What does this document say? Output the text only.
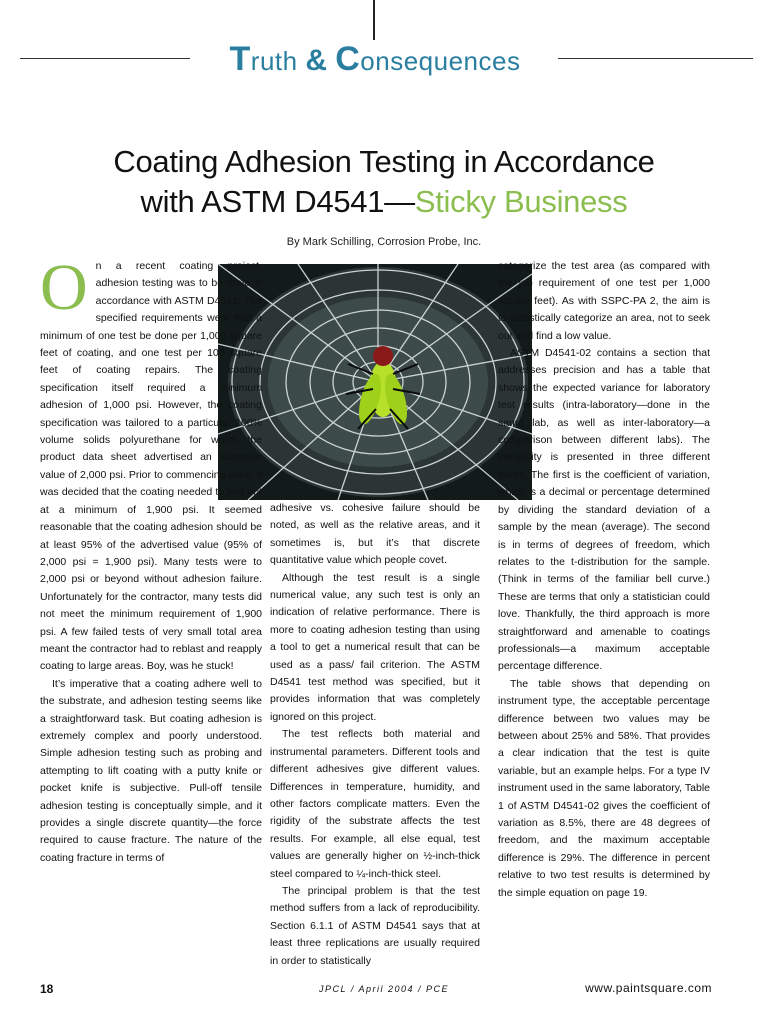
Truth & Consequences
Coating Adhesion Testing in Accordance
with ASTM D4541—Sticky Business
By Mark Schilling, Corrosion Probe, Inc.
O n a recent coating project, adhesion testing was to be done in accordance with ASTM D4541. The specified requirements were that a minimum of one test be done per 1,000 square feet of coating, and one test per 100 square feet of coating repairs. The coating specification itself required a minimum adhesion of 1,000 psi. However, the coating specification was tailored to a particular 100% volume solids polyurethane for which the product data sheet advertised an adhesion value of 2,000 psi. Prior to commencing work, it was decided that the coating needed to test out at a minimum of 1,900 psi. It seemed reasonable that the coating adhesion should be at least 95% of the advertised value (95% of 2,000 psi = 1,900 psi). Many tests were to 2,000 psi or beyond without adhesion failure. Unfortunately for the contractor, many tests did not meet the minimum requirement of 1,900 psi. A few failed tests of very small total area meant the contractor had to reblast and reapply coating to large areas. Boy, was he stuck!

It’s imperative that a coating adhere well to the substrate, and adhesion testing seems like a straightforward task. But coating adhesion is extremely complex and poorly understood. Simple adhesion testing such as probing and attempting to lift coating with a putty knife or pocket knife is subjective. Pull-off tensile adhesion testing is conceptually simple, and it provides a single discrete quantity—the force required to cause fracture. The nature of the coating fracture in terms of

adhesive vs. cohesive failure should be noted, as well as the relative areas, and it sometimes is, but it’s that discrete quantitative value which people covet.

Although the test result is a single numerical value, any such test is only an indication of relative performance. There is more to coating adhesion testing than using a tool to get a numerical result that can be used as a pass/ fail criterion. The ASTM D4541 test method was specified, but it provides information that was completely ignored on this project.

The test reflects both material and instrumental parameters. Different tools and different adhesives give different values. Differences in temperature, humidity, and other factors complicate matters. Even the rigidity of the substrate affects the test results. For example, all else equal, test values are generally higher on ½-inch-thick steel compared to ¼-inch-thick steel.

The principal problem is that the test method suffers from a lack of reproducibility. Section 6.1.1 of ASTM D4541 says that at least three replications are usually required in order to statistically

categorize the test area (as compared with the job requirement of one test per 1,000 square feet). As with SSPC-PA 2, the aim is to statistically categorize an area, not to seek out and find a low value.

ASTM D4541-02 contains a section that addresses precision and has a table that shows the expected variance for laboratory test results (intra-laboratory—done in the same lab, as well as inter-laboratory—a comparison between different labs). The variability is presented in three different forms. The first is the coefficient of variation, which is a decimal or percentage determined by dividing the standard deviation of a sample by the mean (average). The second is in terms of degrees of freedom, which relates to the t-distribution for the sample. (Think in terms of the familiar bell curve.) These are terms that only a statistician could love. Thankfully, the third approach is more straightforward and amenable to coatings professionals—a maximum acceptable percentage difference.

The table shows that depending on instrument type, the acceptable percentage difference between two values may be between about 25% and 58%. That provides a clear indication that the test is quite variable, but an example helps. For a type IV instrument used in the same laboratory, Table 1 of ASTM D4541-02 gives the coefficient of variation as 8.5%, there are 48 degrees of freedom, and the maximum acceptable difference is 29%. The difference in percent relative to two test results is determined by the simple equation on page 19.

18	JPCL / April 2004 / PCE	www.paintsquare.com
